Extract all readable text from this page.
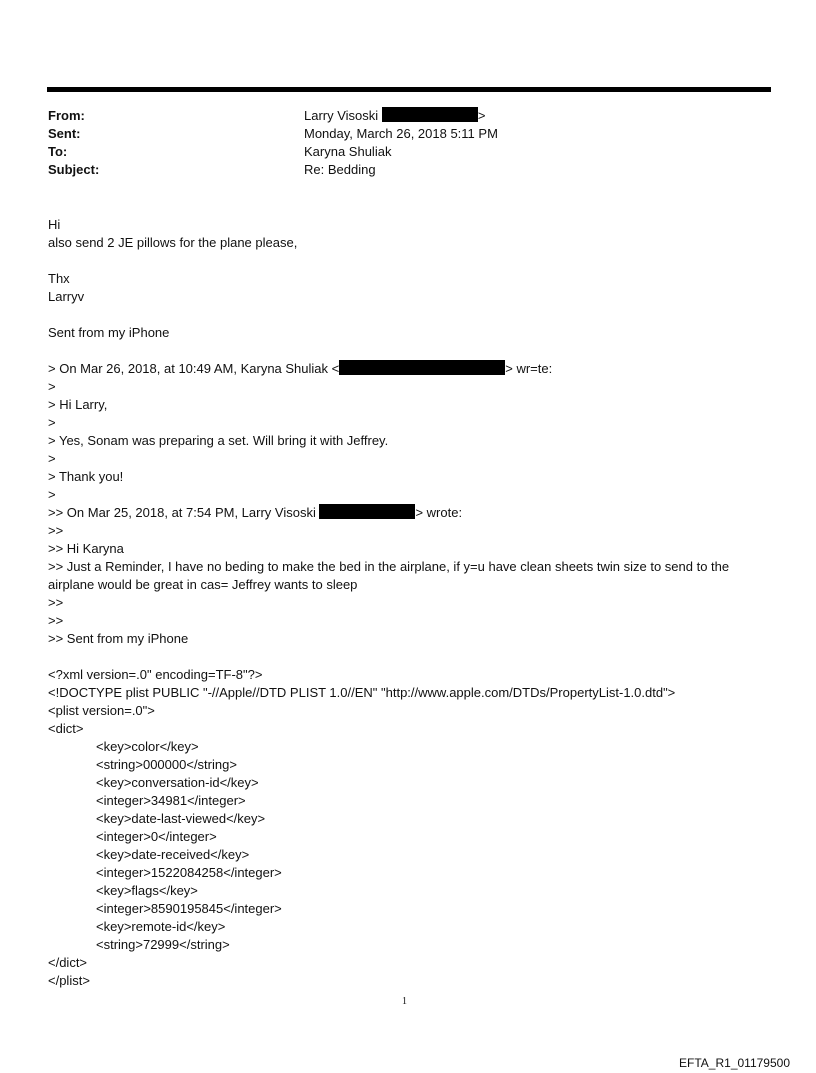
From:	Larry Visoski	>
Sent:	Monday, March 26, 2018 5:11 PM
To:	Karyna Shuliak
Subject:	Re: Bedding
Hi
also send 2 JE pillows for the plane please,
Thx
Larryv
Sent from my iPhone
> On Mar 26, 2018, at 10:49 AM, Karyna Shuliak <	> wr=te:
>
> Hi Larry,
>
> Yes, Sonam was preparing a set. Will bring it with Jeffrey.
>
> Thank you!
>
>> On Mar 25, 2018, at 7:54 PM, Larry Visoski	> wrote:
>>
>> Hi Karyna
>> Just a Reminder, I have no beding to make the bed in the airplane, if y=u have clean sheets twin size to send to the airplane would be great in cas= Jeffrey wants to sleep
>>
>>
>> Sent from my iPhone
<?xml version=.0" encoding=TF-8"?>
<!DOCTYPE plist PUBLIC "-//Apple//DTD PLIST 1.0//EN" "http://www.apple.com/DTDs/PropertyList-1.0.dtd">
<plist version=.0">
<dict>
<key>color</key>
<string>000000</string>
<key>conversation-id</key>
<integer>34981</integer>
<key>date-last-viewed</key>
<integer>0</integer>
<key>date-received</key>
<integer>1522084258</integer>
<key>flags</key>
<integer>8590195845</integer>
<key>remote-id</key>
<string>72999</string>
</dict>
</plist>
1
EFTA_R1_01179500
